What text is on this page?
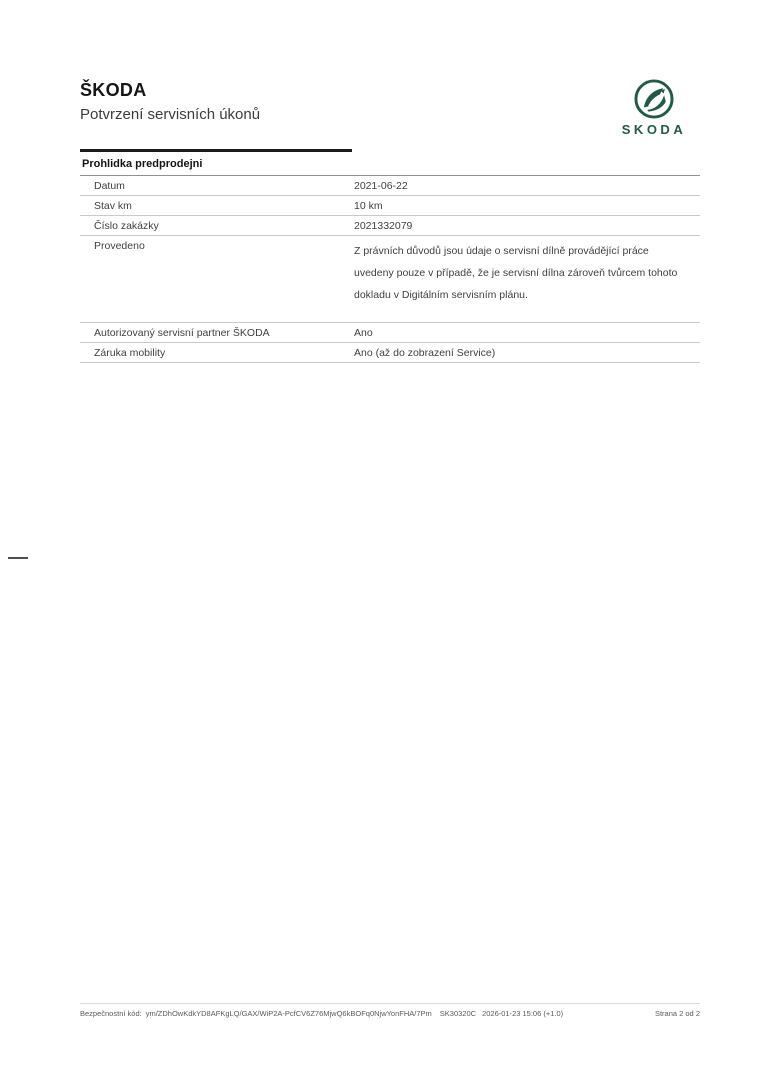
ŠKODA
Potvrzení servisních úkonů
SKODA
Prohlidka predprodejni
Datum	2021-06-22
Stav km	10 km
Číslo zakázky	2021332079
Provedeno	Z právních důvodů jsou údaje o servisní dílně provádějící práce uvedeny pouze v případě, že je servisní dílna zároveň tvůrcem tohoto dokladu v Digitálním servisním plánu.
Autorizovaný servisní partner ŠKODA	Ano
Záruka mobility	Ano (až do zobrazení Service)
Bezpečnostní kód: ym/ZDhOwKdkYD8AFKgLQ/GAX/WiP2A-PcfCV6Z76MjwQ6kBOFq0NjwYonFHA/7Pm SK30320C 2026-01-23 15:06 (+1.0)	Strana 2 od 2
